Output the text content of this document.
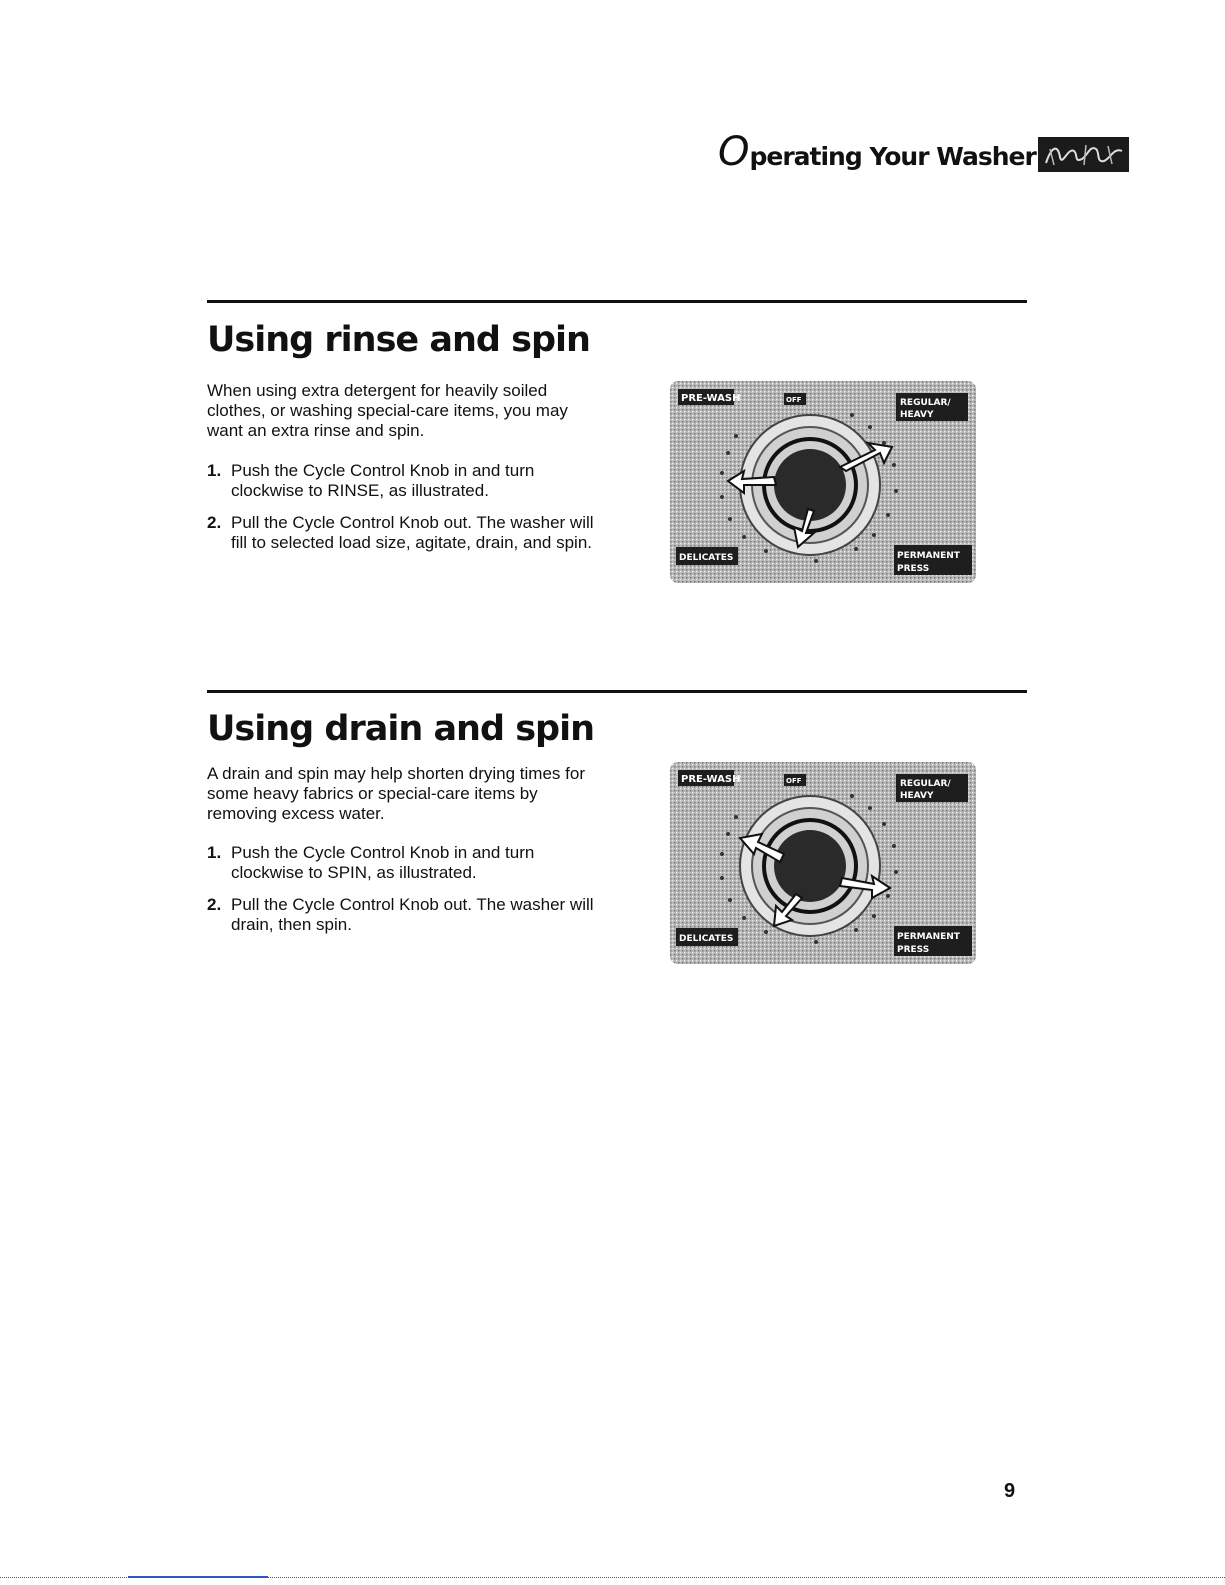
O perating Your Washer
Using rinse and spin

When using extra detergent for heavily soiled clothes, or washing special-care items, you may want an extra rinse and spin.

1. Push the Cycle Control Knob in and turn clockwise to RINSE, as illustrated.
2. Pull the Cycle Control Knob out. The washer will fill to selected load size, agitate, drain, and spin.
PRE-WASH	OFF	REGULAR/
HEAVY
DELICATES	PERMANENT
PRESS
Using drain and spin

A drain and spin may help shorten drying times for some heavy fabrics or special-care items by removing excess water.

1. Push the Cycle Control Knob in and turn clockwise to SPIN, as illustrated.
2. Pull the Cycle Control Knob out. The washer will drain, then spin.
PRE-WASH	OFF	REGULAR/
HEAVY
DELICATES	PERMANENT
PRESS
9
